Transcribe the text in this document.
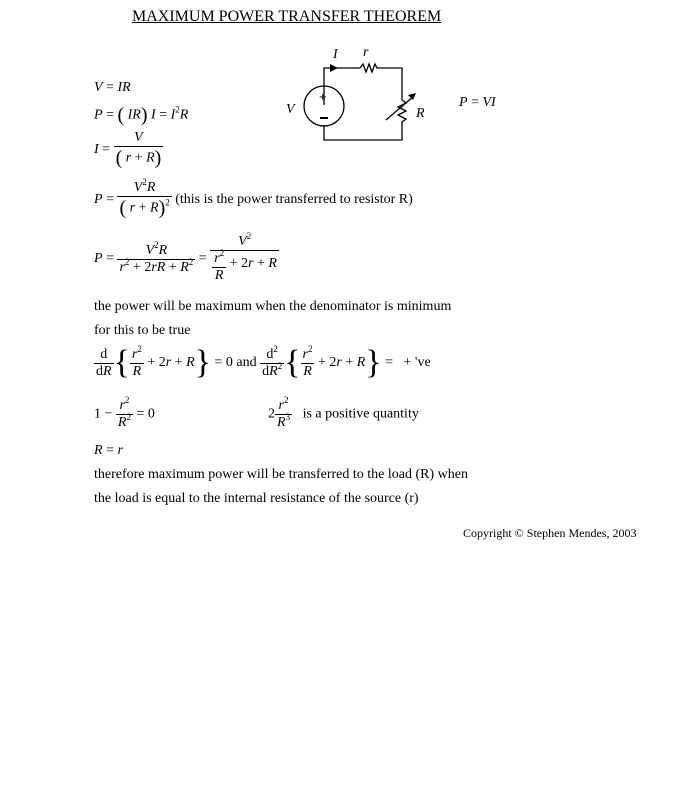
MAXIMUM POWER TRANSFER THEOREM
V = IR
P = ( IR) $I = I^2R$
$I = \frac{V}{( r + R)}$
I r
+
V	R
P = VI
$P = \frac{V^2R}{( r + R)^2}$ (this is the power transferred to resistor R)
$P = \frac{V^2R}{r^2 + 2rR + R^2} = \frac{V^2}{\frac{r^2}{R} + 2r + R}$
the power will be maximum when the denominator is minimum
for this to be true
$\frac{d}{dR}$ { $\frac{r^2}{R} + 2r + R\} = 0$ and $\frac{d^2}{dR^2}$ { $\frac{r^2}{R} + 2r + R$} =   + 've
$1 - \frac{r^2}{R^2} = 0$	$2 \frac{r^2}{R^3}$ is a positive quantity
R = r
therefore maximum power will be transferred to the load (R) when
the load is equal to the internal resistance of the source (r)
Copyright © Stephen Mendes, 2003
